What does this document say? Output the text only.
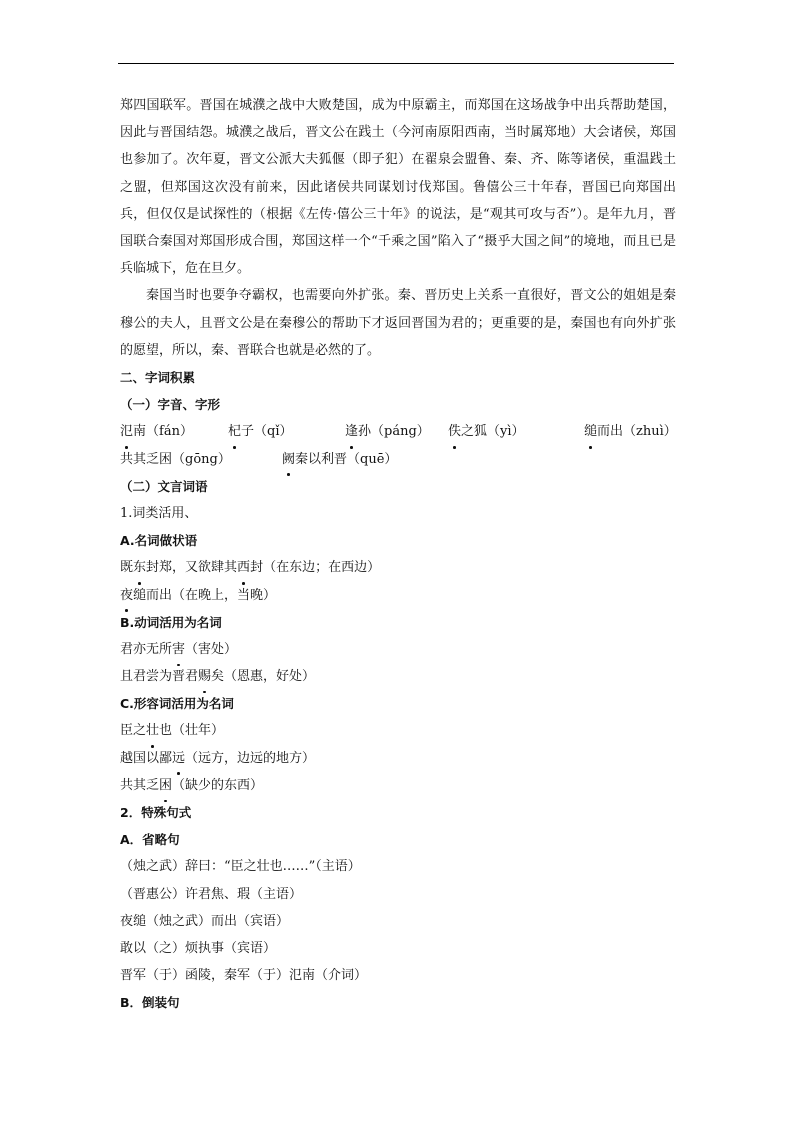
郑四国联军。晋国在城濮之战中大败楚国，成为中原霸主，而郑国在这场战争中出兵帮助楚国，因此与晋国结怨。城濮之战后，晋文公在践土（今河南原阳西南，当时属郑地）大会诸侯，郑国也参加了。次年夏，晋文公派大夫狐偃（即子犯）在翟泉会盟鲁、秦、齐、陈等诸侯，重温践土之盟，但郑国这次没有前来，因此诸侯共同谋划讨伐郑国。鲁僖公三十年春，晋国已向郑国出兵，但仅仅是试探性的（根据《左传·僖公三十年》的说法，是“观其可攻与否”）。是年九月，晋国联合秦国对郑国形成合围，郑国这样一个“千乘之国”陷入了“摄乎大国之间”的境地，而且已是兵临城下，危在旦夕。

秦国当时也要争夺霸权，也需要向外扩张。秦、晋历史上关系一直很好，晋文公的姐姐是秦穆公的夫人，且晋文公是在秦穆公的帮助下才返回晋国为君的；更重要的是，秦国也有向外扩张的愿望，所以，秦、晋联合也就是必然的了。

二、字词积累

（一）字音、字形

氾南（fán）	杞子（qǐ）	逢孙（páng） 佚之狐（yì）	缒而出（zhuì）
共其乏困（gōng）	阙秦以利晋（quē）

（二）文言词语

1.词类活用、

A.名词做状语

既东封郑，又欲肆其西封（在东边；在西边）

夜缒而出（在晚上，当晚）

B.动词活用为名词

君亦无所害（害处）

且君尝为晋君赐矣（恩惠，好处）

C.形容词活用为名词

臣之壮也（壮年）

越国以鄙远（远方，边远的地方）

共其乏困（缺少的东西）

2．特殊句式

A．省略句

（烛之武）辞曰：“臣之壮也……”（主语）

（晋惠公）许君焦、瑕（主语）

夜缒（烛之武）而出（宾语）

敢以（之）烦执事（宾语）

晋军（于）函陵，秦军（于）氾南（介词）

B．倒装句
